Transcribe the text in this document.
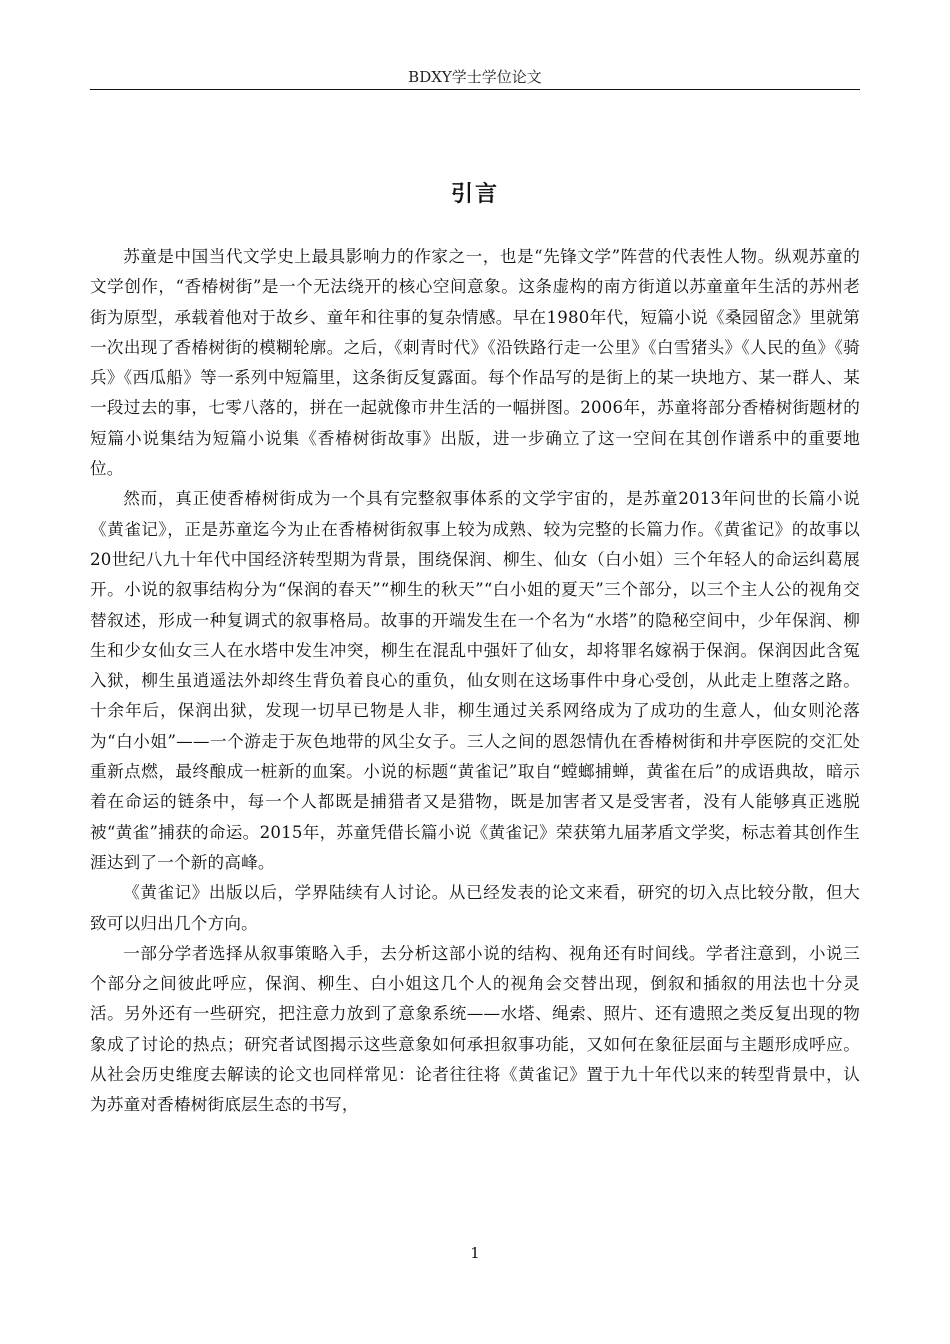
BDXY学士学位论文
引言

苏童是中国当代文学史上最具影响力的作家之一，也是“先锋文学”阵营的代表性人物。纵观苏童的文学创作，“香椿树街”是一个无法绕开的核心空间意象。这条虚构的南方街道以苏童童年生活的苏州老街为原型，承载着他对于故乡、童年和往事的复杂情感。早在1980年代，短篇小说《桑园留念》里就第一次出现了香椿树街的模糊轮廓。之后，《刺青时代》《沿铁路行走一公里》《白雪猪头》《人民的鱼》《骑兵》《西瓜船》等一系列中短篇里，这条街反复露面。每个作品写的是街上的某一块地方、某一群人、某一段过去的事，七零八落的，拼在一起就像市井生活的一幅拼图。2006年，苏童将部分香椿树街题材的短篇小说集结为短篇小说集《香椿树街故事》出版，进一步确立了这一空间在其创作谱系中的重要地位。

然而，真正使香椿树街成为一个具有完整叙事体系的文学宇宙的，是苏童2013年问世的长篇小说《黄雀记》，正是苏童迄今为止在香椿树街叙事上较为成熟、较为完整的长篇力作。《黄雀记》的故事以20世纪八九十年代中国经济转型期为背景，围绕保润、柳生、仙女（白小姐）三个年轻人的命运纠葛展开。小说的叙事结构分为“保润的春天”“柳生的秋天”“白小姐的夏天”三个部分，以三个主人公的视角交替叙述，形成一种复调式的叙事格局。故事的开端发生在一个名为“水塔”的隐秘空间中，少年保润、柳生和少女仙女三人在水塔中发生冲突，柳生在混乱中强奸了仙女，却将罪名嫁祸于保润。保润因此含冤入狱，柳生虽逍遥法外却终生背负着良心的重负，仙女则在这场事件中身心受创，从此走上堕落之路。十余年后，保润出狱，发现一切早已物是人非，柳生通过关系网络成为了成功的生意人，仙女则沦落为“白小姐”——一个游走于灰色地带的风尘女子。三人之间的恩怨情仇在香椿树街和井亭医院的交汇处重新点燃，最终酿成一桩新的血案。小说的标题“黄雀记”取自“螳螂捕蝉，黄雀在后”的成语典故，暗示着在命运的链条中，每一个人都既是捕猎者又是猎物，既是加害者又是受害者，没有人能够真正逃脱被“黄雀”捕获的命运。2015年，苏童凭借长篇小说《黄雀记》荣获第九届茅盾文学奖，标志着其创作生涯达到了一个新的高峰。

《黄雀记》出版以后，学界陆续有人讨论。从已经发表的论文来看，研究的切入点比较分散，但大致可以归出几个方向。

一部分学者选择从叙事策略入手，去分析这部小说的结构、视角还有时间线。学者注意到，小说三个部分之间彼此呼应，保润、柳生、白小姐这几个人的视角会交替出现，倒叙和插叙的用法也十分灵活。另外还有一些研究，把注意力放到了意象系统——水塔、绳索、照片、还有遗照之类反复出现的物象成了讨论的热点；研究者试图揭示这些意象如何承担叙事功能，又如何在象征层面与主题形成呼应。从社会历史维度去解读的论文也同样常见：论者往往将《黄雀记》置于九十年代以来的转型背景中，认为苏童对香椿树街底层生态的书写，

1
